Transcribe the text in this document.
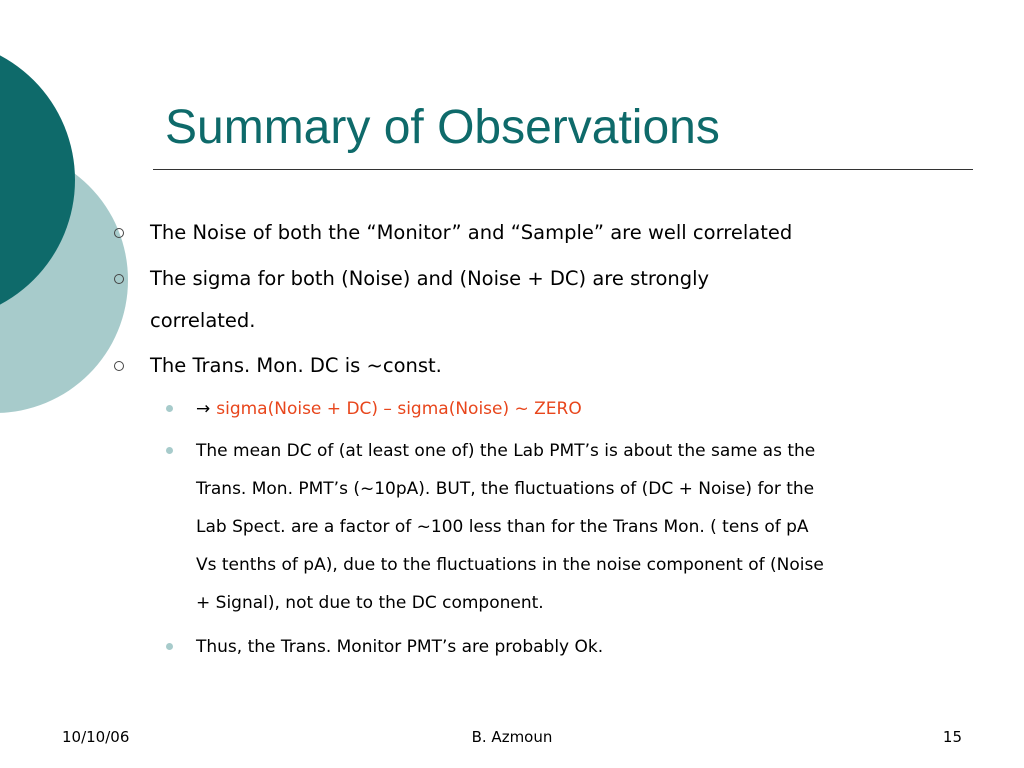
Summary of Observations
The Noise of both the “Monitor” and “Sample” are well correlated
The sigma for both (Noise) and (Noise + DC) are strongly
correlated.
The Trans. Mon. DC is ~const.
→ sigma(Noise + DC) – sigma(Noise) ~ ZERO
The mean DC of (at least one of) the Lab PMT’s is about the same as the
Trans. Mon. PMT’s (~10pA). BUT, the fluctuations of (DC + Noise) for the
Lab Spect. are a factor of ~100 less than for the Trans Mon. ( tens of pA
Vs tenths of pA), due to the fluctuations in the noise component of (Noise
+ Signal), not due to the DC component.
Thus, the Trans. Monitor PMT’s are probably Ok.
10/10/06	B. Azmoun	15
